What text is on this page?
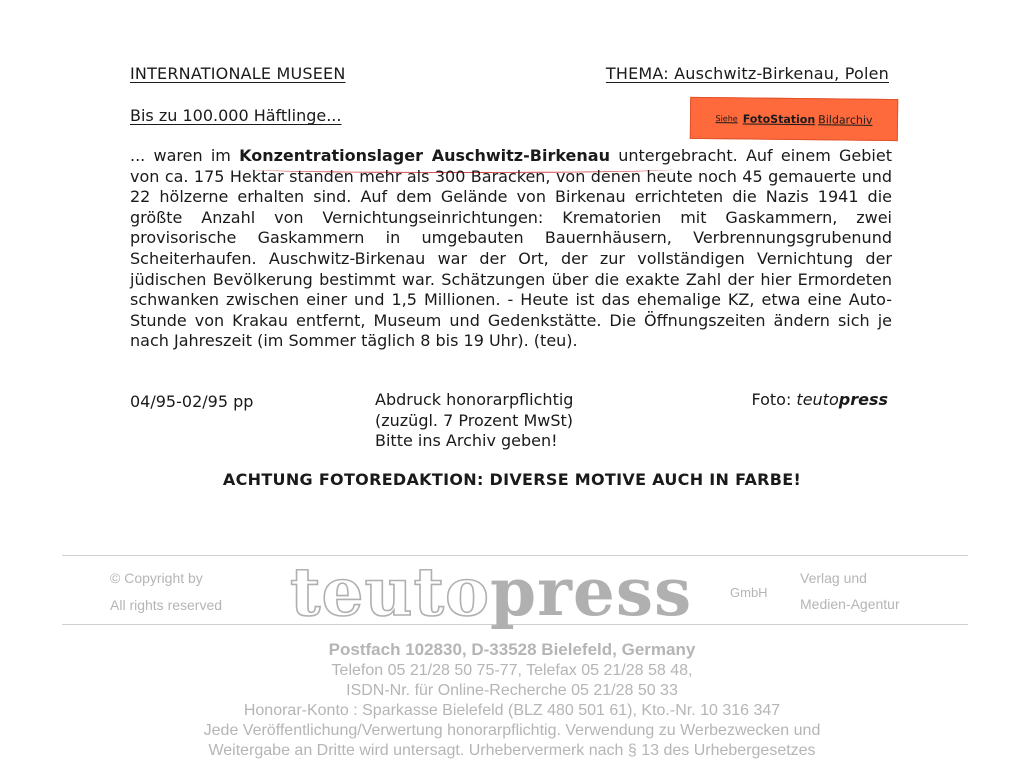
INTERNATIONALE MUSEEN	THEMA: Auschwitz-Birkenau, Polen
Bis zu 100.000 Häftlinge...	Siehe FotoStation Bildarchiv
... waren im Konzentrationslager Auschwitz-Birkenau untergebracht. Auf einem Gebiet von ca. 175 Hektar standen mehr als 300 Baracken, von denen heute noch 45 gemauerte und 22 hölzerne erhalten sind. Auf dem Gelände von Birkenau errichteten die Nazis 1941 die größte Anzahl von Vernichtungseinrichtungen: Krematorien mit Gaskammern, zwei provisorische Gaskammern in umgebauten Bauernhäusern, Verbrennungsgrubenund Scheiterhaufen. Auschwitz-Birkenau war der Ort, der zur vollständigen Vernichtung der jüdischen Bevölkerung bestimmt war. Schätzungen über die exakte Zahl der hier Ermordeten schwanken zwischen einer und 1,5 Millionen. - Heute ist das ehemalige KZ, etwa eine Auto-Stunde von Krakau entfernt, Museum und Gedenkstätte. Die Öffnungszeiten ändern sich je nach Jahreszeit (im Sommer täglich 8 bis 19 Uhr). (teu).
04/95-02/95 pp	Abdruck honorarpflichtig
(zuzügl. 7 Prozent MwSt)
Bitte ins Archiv geben!
Foto: teutopress
ACHTUNG FOTOREDAKTION: DIVERSE MOTIVE AUCH IN FARBE!
© Copyright by
All rights reserved teutopress	GmbH
Verlag und
Medien-Agentur
Postfach 102830, D-33528 Bielefeld, Germany
Telefon 05 21/28 50 75-77, Telefax 05 21/28 58 48,
ISDN-Nr. für Online-Recherche 05 21/28 50 33
Honorar-Konto : Sparkasse Bielefeld (BLZ 480 501 61), Kto.-Nr. 10 316 347
Jede Veröffentlichung/Verwertung honorarpflichtig. Verwendung zu Werbezwecken und
Weitergabe an Dritte wird untersagt. Urhebervermerk nach § 13 des Urhebergesetzes
